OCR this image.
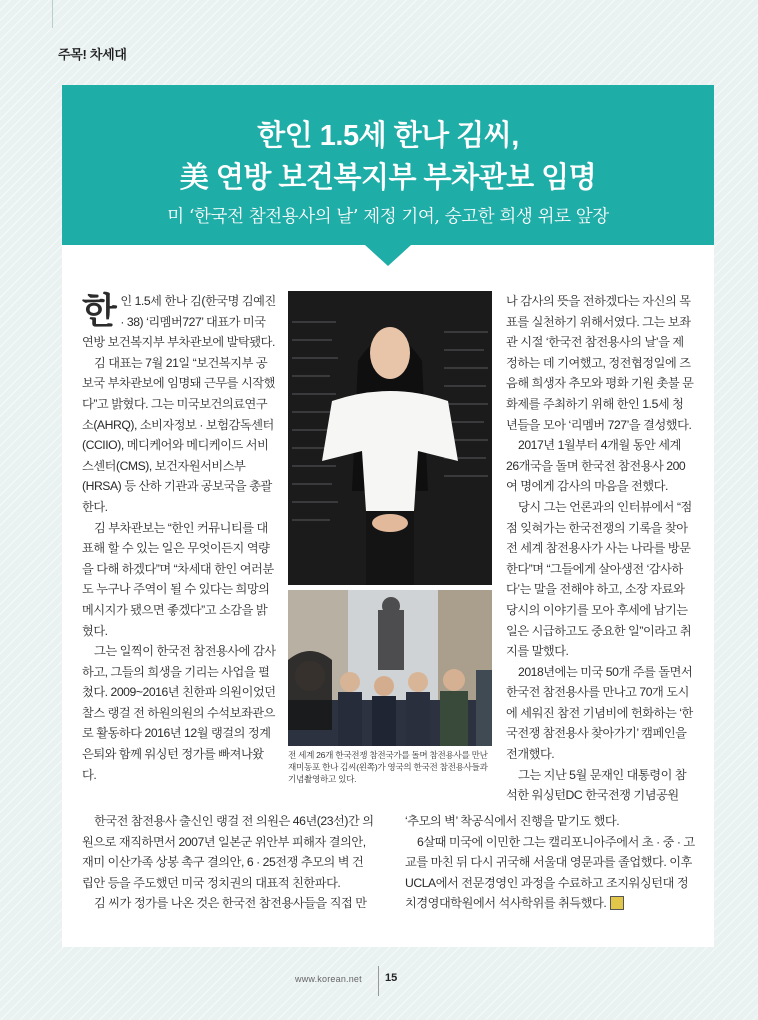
주목! 차세대
한인 1.5세 한나 김씨,
美 연방 보건복지부 부차관보 임명
미 ‘한국전 참전용사의 날’ 제정 기여, 숭고한 희생 위로 앞장

한인 1.5세 한나 김(한국명 김예진 · 38) ‘리멤버727’ 대표가 미국 연방 보건복지부 부차관보에 발탁됐다.

김 대표는 7월 21일 “보건복지부 공보국 부차관보에 임명돼 근무를 시작했다”고 밝혔다. 그는 미국보건의료연구소(AHRQ), 소비자정보 · 보험감독센터(CCIIO), 메디케어와 메디케이드 서비스센터(CMS), 보건자원서비스부(HRSA) 등 산하 기관과 공보국을 총괄한다.

김 부차관보는 “한인 커뮤니티를 대표해 할 수 있는 일은 무엇이든지 역량을 다해 하겠다”며 “차세대 한인 여러분도 누구나 주역이 될 수 있다는 희망의 메시지가 됐으면 좋겠다”고 소감을 밝혔다.

그는 일찍이 한국전 참전용사에 감사하고, 그들의 희생을 기리는 사업을 펼쳤다. 2009~2016년 친한파 의원이었던 찰스 랭걸 전 하원의원의 수석보좌관으로 활동하다 2016년 12월 랭걸의 정계 은퇴와 함께 워싱턴 정가를 빠져나왔다.

전 세계 26개 한국전쟁 참전국가를 돌며 참전용사를 만난 재미동포 한나 김씨(왼쪽)가 영국의 한국전 참전용사들과 기념촬영하고 있다.

나 감사의 뜻을 전하겠다는 자신의 목표를 실천하기 위해서였다. 그는 보좌관 시절 ‘한국전 참전용사의 날’을 제정하는 데 기여했고, 정전협정일에 즈음해 희생자 추모와 평화 기원 촛불 문화제를 주최하기 위해 한인 1.5세 청년들을 모아 ‘리멤버 727’을 결성했다.

2017년 1월부터 4개월 동안 세계 26개국을 돌며 한국전 참전용사 200여 명에게 감사의 마음을 전했다.

당시 그는 언론과의 인터뷰에서 “점점 잊혀가는 한국전쟁의 기록을 찾아 전 세계 참전용사가 사는 나라를 방문한다”며 “그들에게 살아생전 ‘감사하다’는 말을 전해야 하고, 소장 자료와 당시의 이야기를 모아 후세에 남기는 일은 시급하고도 중요한 일”이라고 취지를 말했다.

2018년에는 미국 50개 주를 돌면서 한국전 참전용사를 만나고 70개 도시에 세워진 참전 기념비에 헌화하는 ‘한국전쟁 참전용사 찾아가기’ 캠페인을 전개했다.

그는 지난 5월 문재인 대통령이 참석한 워싱턴DC 한국전쟁 기념공원

한국전 참전용사 출신인 랭걸 전 의원은 46년(23선)간 의원으로 재직하면서 2007년 일본군 위안부 피해자 결의안, 재미 이산가족 상봉 촉구 결의안, 6 · 25전쟁 추모의 벽 건립안 등을 주도했던 미국 정치권의 대표적 친한파다.

김 씨가 정가를 나온 것은 한국전 참전용사들을 직접 만

‘추모의 벽’ 착공식에서 진행을 맡기도 했다.

6살때 미국에 이민한 그는 캘리포니아주에서 초 · 중 · 고교를 마친 뒤 다시 귀국해 서울대 영문과를 졸업했다. 이후 UCLA에서 전문경영인 과정을 수료하고 조지워싱턴대 정치경영대학원에서 석사학위를 취득했다.

www.korean.net 15
